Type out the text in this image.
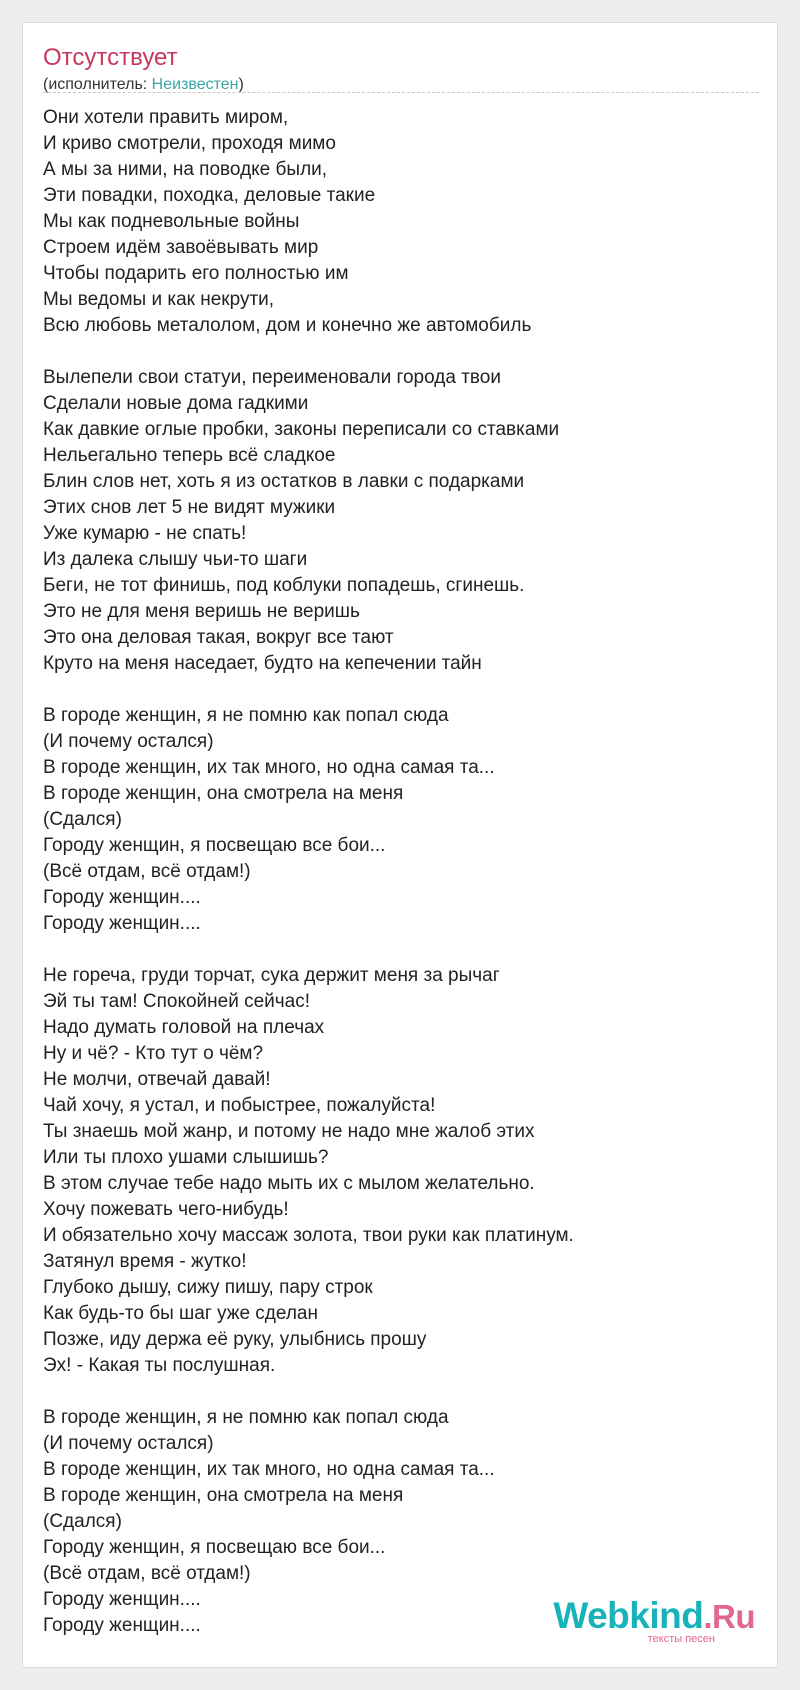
Отсутствует
(исполнитель: Неизвестен)
Они хотели править миром,
И криво смотрели, проходя мимо
А мы за ними, на поводке были,
Эти повадки, походка, деловые такие
Мы как подневольные войны
Строем идём завоёвывать мир
Чтобы подарить его полностью им
Мы ведомы и как некрути,
Всю любовь металолом, дом и конечно же автомобиль
Вылепели свои статуи, переименовали города твои
Сделали новые дома гадкими
Как давкие оглые пробки, законы переписали со ставками
Нельегально теперь всё сладкое
Блин слов нет, хоть я из остатков в лавки с подарками
Этих снов лет 5 не видят мужики
Уже кумарю - не спать!
Из далека слышу чьи-то шаги
Беги, не тот финишь, под коблуки попадешь, сгинешь.
Это не для меня веришь не веришь
Это она деловая такая, вокруг все тают
Круто на меня наседает, будто на кепечении тайн
В городе женщин, я не помню как попал сюда
(И почему остался)
В городе женщин, их так много, но одна самая та...
В городе женщин, она смотрела на меня
(Сдался)
Городу женщин, я посвещаю все бои...
(Всё отдам, всё отдам!)
Городу женщин....
Городу женщин....
Не гореча, груди торчат, сука держит меня за рычаг
Эй ты там! Спокойней сейчас!
Надо думать головой на плечах
Ну и чё? - Кто тут о чём?
Не молчи, отвечай давай!
Чай хочу, я устал, и побыстрее, пожалуйста!
Ты знаешь мой жанр, и потому не надо мне жалоб этих
Или ты плохо ушами слышишь?
В этом случае тебе надо мыть их с мылом желательно.
Хочу пожевать чего-нибудь!
И обязательно хочу массаж золота, твои руки как платинум.
Затянул время - жутко!
Глубоко дышу, сижу пишу, пару строк
Как будь-то бы шаг уже сделан
Позже, иду держа её руку, улыбнись прошу
Эх! - Какая ты послушная.
В городе женщин, я не помню как попал сюда
(И почему остался)
В городе женщин, их так много, но одна самая та...
В городе женщин, она смотрела на меня
(Сдался)
Городу женщин, я посвещаю все бои...
(Всё отдам, всё отдам!)
Городу женщин....
Городу женщин....	Webkind.Ru
тексты песен
